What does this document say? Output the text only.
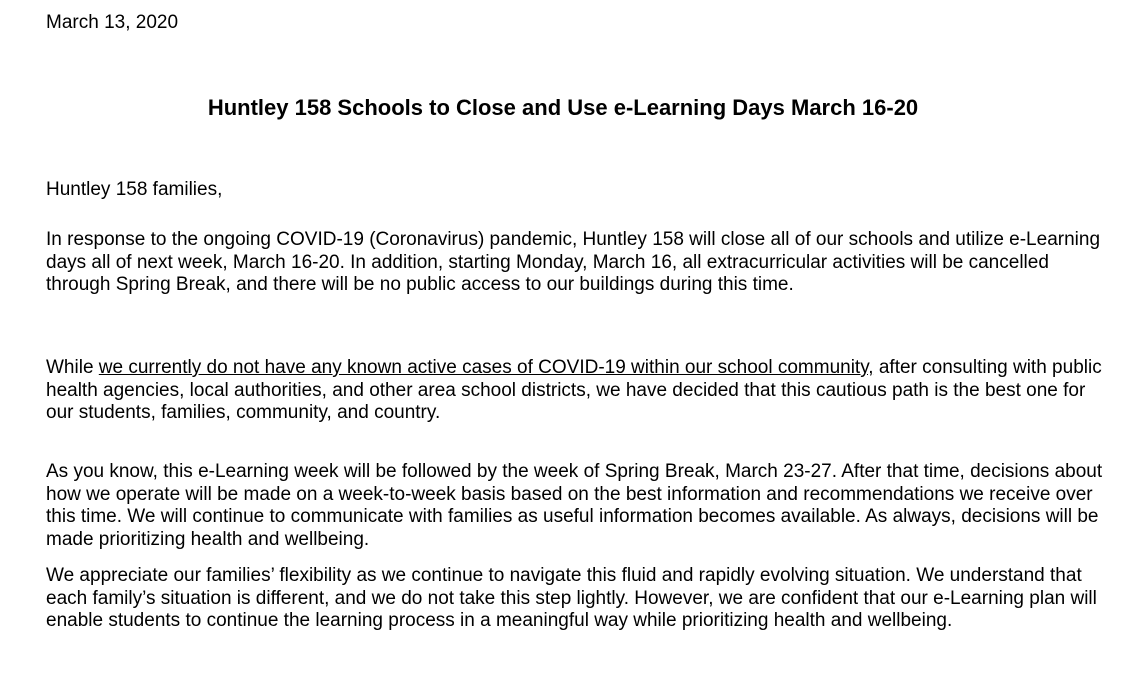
March 13, 2020

Huntley 158 Schools to Close and Use e-Learning Days March 16-20

Huntley 158 families,

In response to the ongoing COVID-19 (Coronavirus) pandemic, Huntley 158 will close all of our schools and utilize e-Learning days all of next week, March 16-20. In addition, starting Monday, March 16, all extracurricular activities will be cancelled through Spring Break, and there will be no public access to our buildings during this time.

While we currently do not have any known active cases of COVID-19 within our school community, after consulting with public health agencies, local authorities, and other area school districts, we have decided that this cautious path is the best one for our students, families, community, and country.

As you know, this e-Learning week will be followed by the week of Spring Break, March 23-27. After that time, decisions about how we operate will be made on a week-to-week basis based on the best information and recommendations we receive over this time. We will continue to communicate with families as useful information becomes available. As always, decisions will be made prioritizing health and wellbeing.

We appreciate our families’ flexibility as we continue to navigate this fluid and rapidly evolving situation. We understand that each family’s situation is different, and we do not take this step lightly. However, we are confident that our e-Learning plan will enable students to continue the learning process in a meaningful way while prioritizing health and wellbeing.
